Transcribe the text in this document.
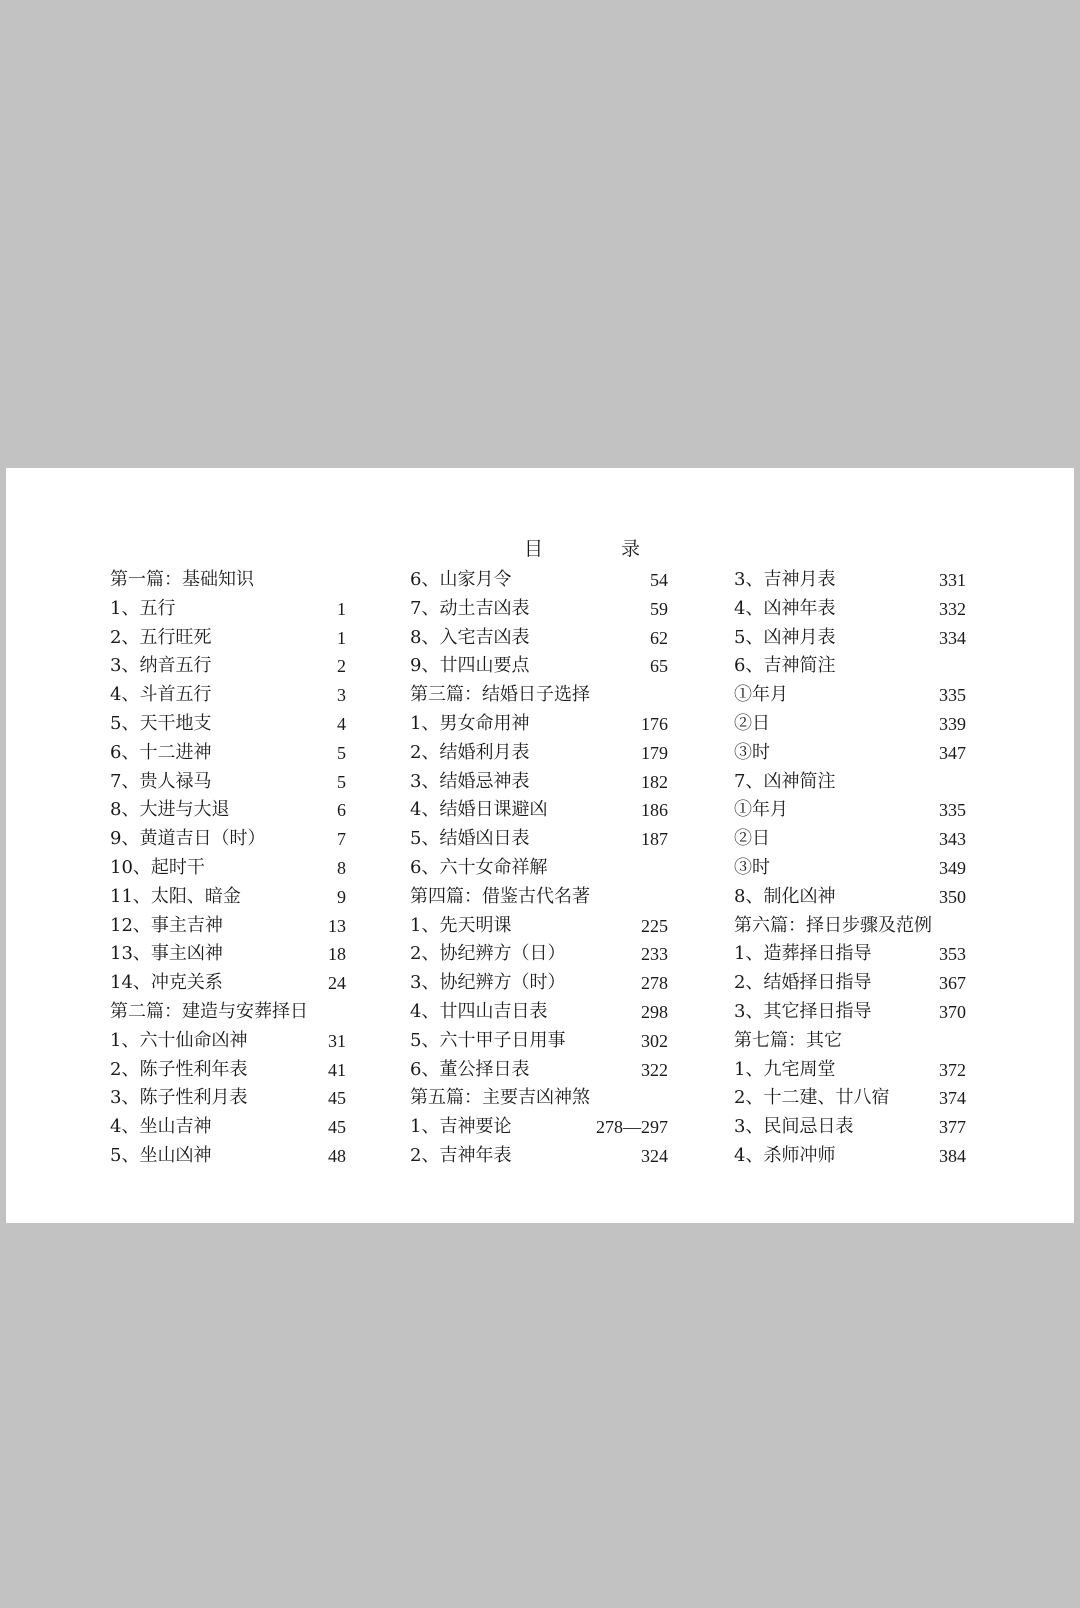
目	录
第一篇：基础知识
1、五行	1
2、五行旺死	1
3、纳音五行	2
4、斗首五行	3
5、天干地支	4
6、十二进神	5
7、贵人禄马	5
8、大进与大退	6
9、黄道吉日（时）	7
10、起时干	8
11、太阳、暗金	9
12、事主吉神	13
13、事主凶神	18
14、冲克关系	24
第二篇：建造与安葬择日
1、六十仙命凶神	31
2、陈子性利年表	41
3、陈子性利月表	45
4、坐山吉神	45
5、坐山凶神	48
6、山家月令	54
7、动土吉凶表	59
8、入宅吉凶表	62
9、廿四山要点	65
第三篇：结婚日子选择
1、男女命用神	176
2、结婚利月表	179
3、结婚忌神表	182
4、结婚日课避凶	186
5、结婚凶日表	187
6、六十女命祥解
第四篇：借鉴古代名著
1、先天明课	225
2、协纪辨方（日）	233
3、协纪辨方（时）	278
4、廿四山吉日表	298
5、六十甲子日用事	302
6、董公择日表	322
第五篇：主要吉凶神煞
1、吉神要论	278—297
2、吉神年表	324
3、吉神月表	331
4、凶神年表	332
5、凶神月表	334
6、吉神简注
①年月	335
②日	339
③时	347
7、凶神简注
①年月	335
②日	343
③时	349
8、制化凶神	350
第六篇：择日步骤及范例
1、造葬择日指导	353
2、结婚择日指导	367
3、其它择日指导	370
第七篇：其它
1、九宅周堂	372
2、十二建、廿八宿	374
3、民间忌日表	377
4、杀师冲师	384
